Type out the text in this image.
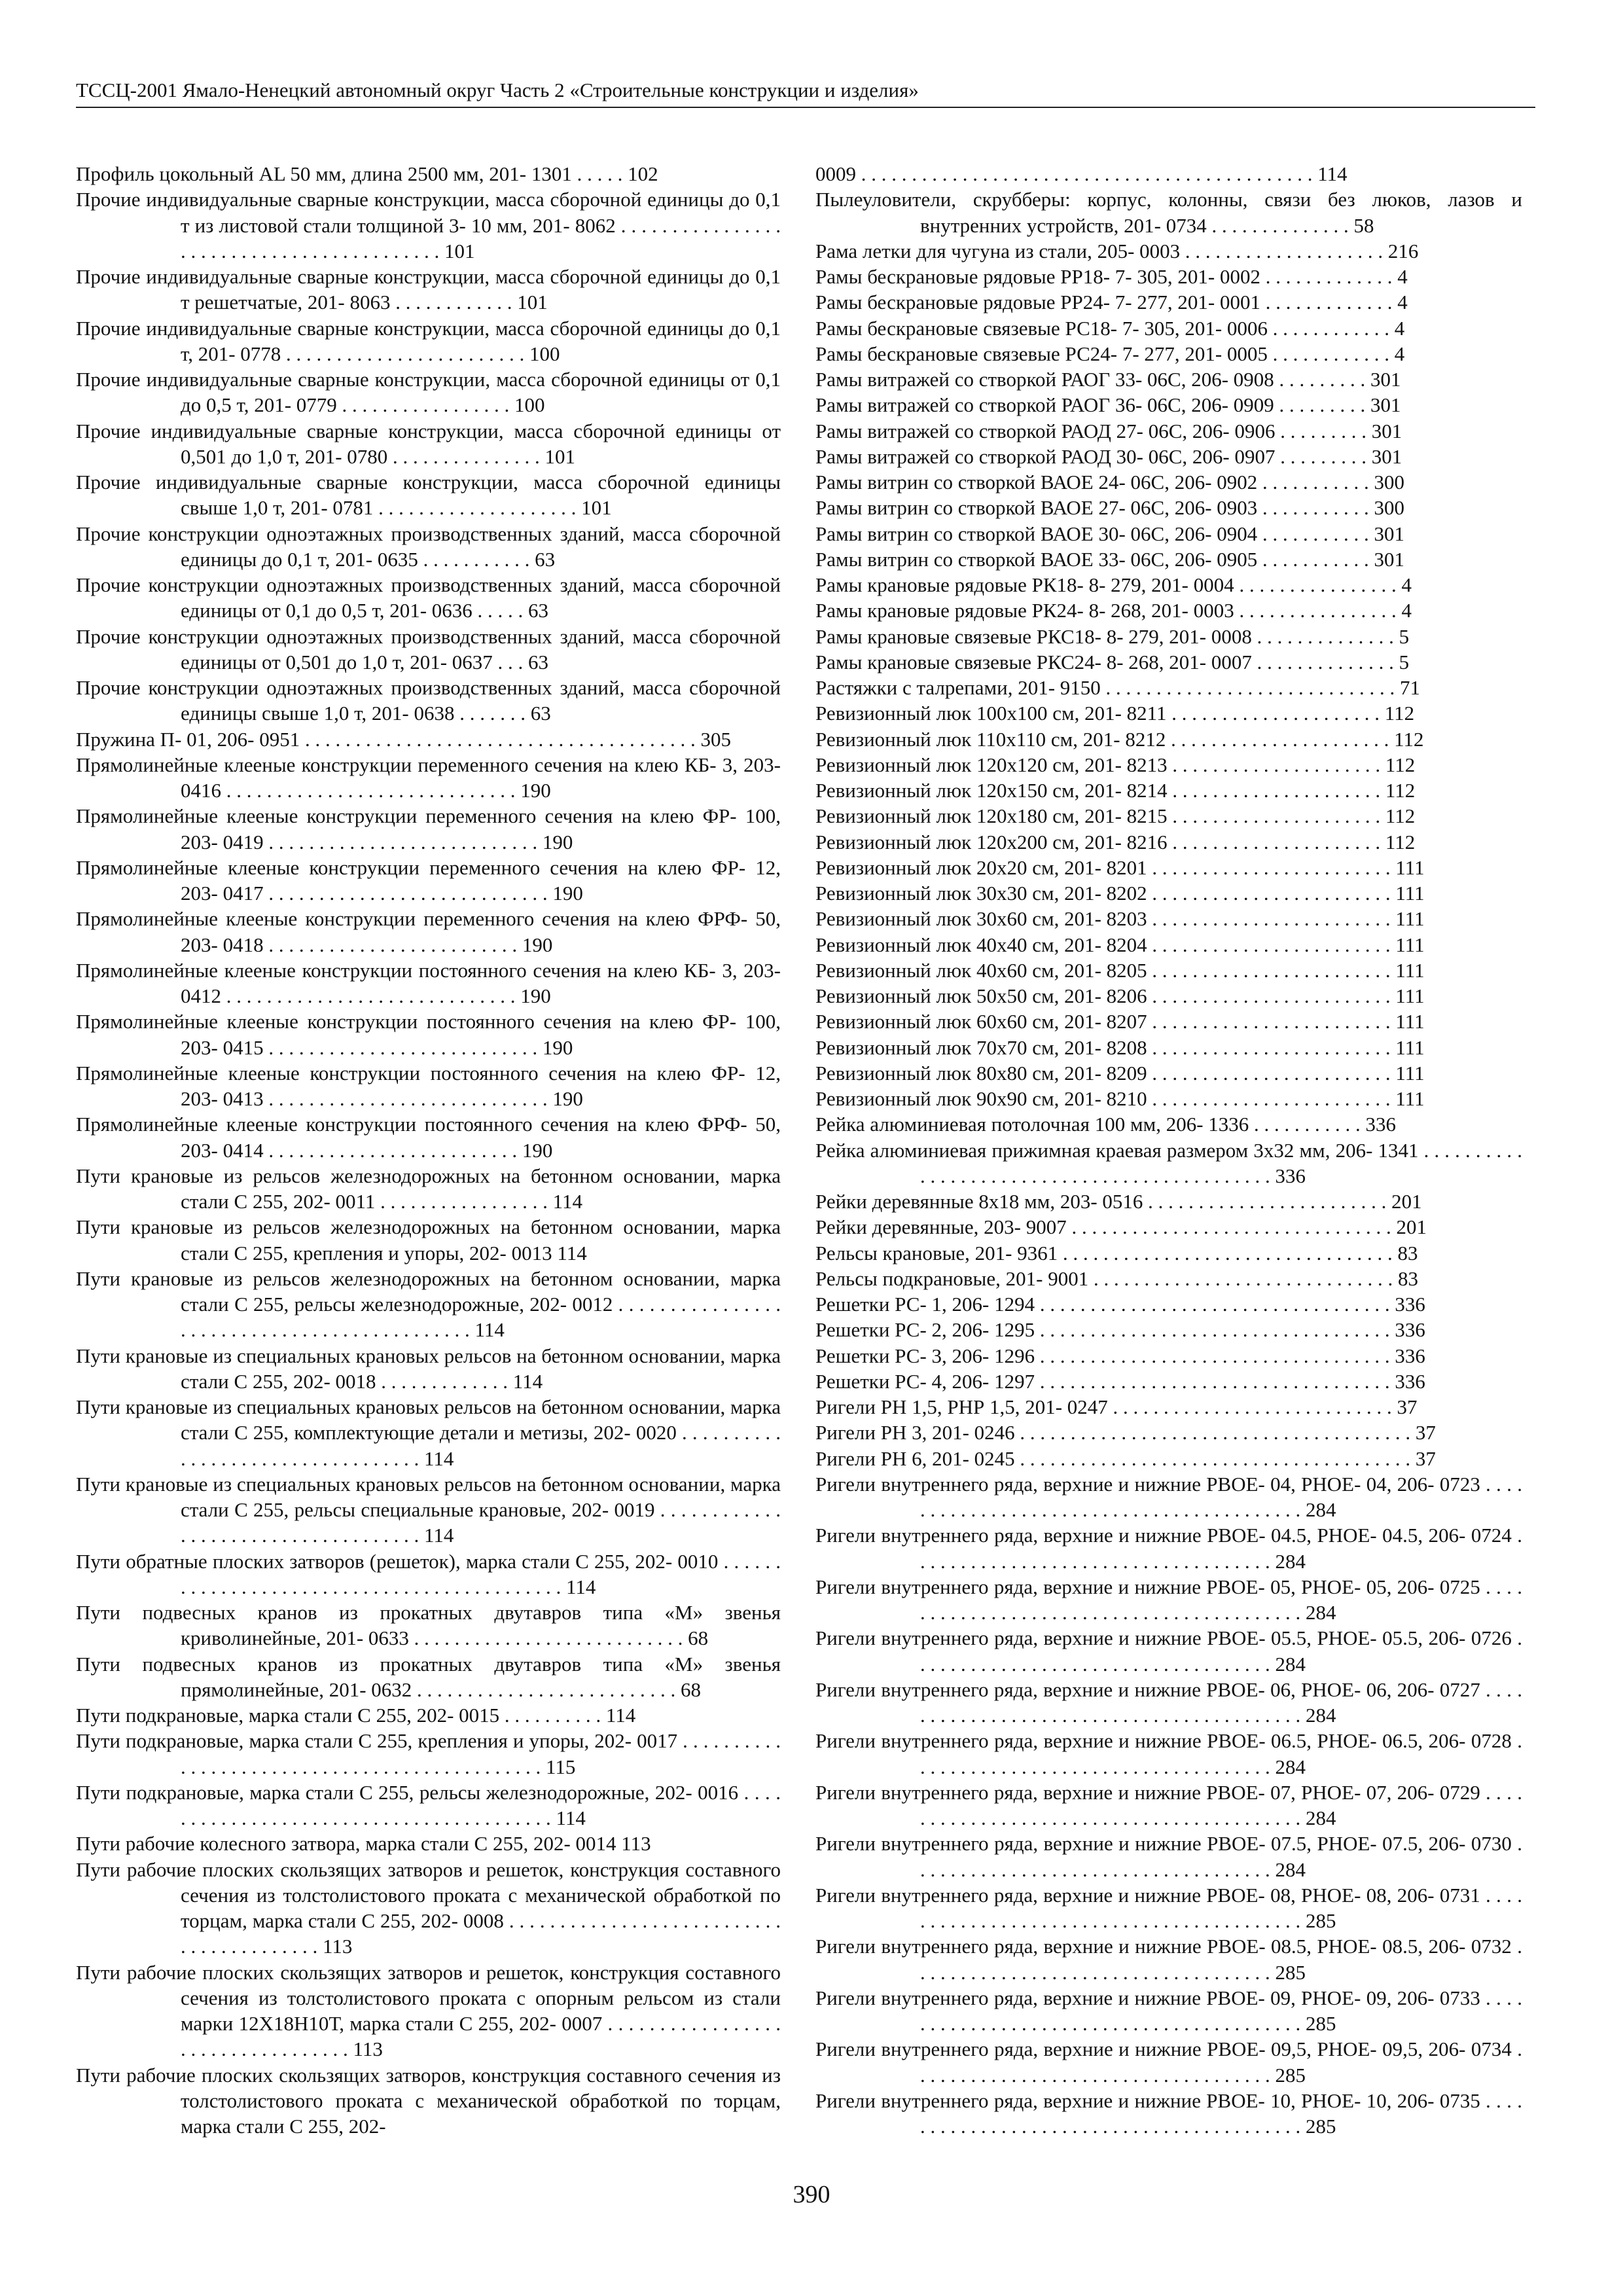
ТССЦ-2001 Ямало-Ненецкий автономный округ Часть 2 «Строительные конструкции и изделия»
Профиль цокольный AL 50 мм, длина 2500 мм, 201- 1301 . . . . . 102
Прочие индивидуальные сварные конструкции, масса сборочной единицы до 0,1 т из листовой стали толщиной 3- 10 мм, 201- 8062 . . . . . . . . . . . . . . . . . . . . . . . . . . . . . . . . . . . . . . . . . . 101
Прочие индивидуальные сварные конструкции, масса сборочной единицы до 0,1 т решетчатые, 201- 8063 . . . . . . . . . . . . 101
Прочие индивидуальные сварные конструкции, масса сборочной единицы до 0,1 т, 201- 0778 . . . . . . . . . . . . . . . . . . . . . . . . 100
Прочие индивидуальные сварные конструкции, масса сборочной единицы от 0,1 до 0,5 т, 201- 0779 . . . . . . . . . . . . . . . . . 100
Прочие индивидуальные сварные конструкции, масса сборочной единицы от 0,501 до 1,0 т, 201- 0780 . . . . . . . . . . . . . . . 101
Прочие индивидуальные сварные конструкции, масса сборочной единицы свыше 1,0 т, 201- 0781 . . . . . . . . . . . . . . . . . . . . 101
Прочие конструкции одноэтажных производственных зданий, масса сборочной единицы до 0,1 т, 201- 0635 . . . . . . . . . . . 63
Прочие конструкции одноэтажных производственных зданий, масса сборочной единицы от 0,1 до 0,5 т, 201- 0636 . . . . . 63
Прочие конструкции одноэтажных производственных зданий, масса сборочной единицы от 0,501 до 1,0 т, 201- 0637 . . . 63
Прочие конструкции одноэтажных производственных зданий, масса сборочной единицы свыше 1,0 т, 201- 0638 . . . . . . . 63
Пружина П- 01, 206- 0951 . . . . . . . . . . . . . . . . . . . . . . . . . . . . . . . . . . . . . . . 305
Прямолинейные клееные конструкции переменного сечения на клею КБ- 3, 203- 0416 . . . . . . . . . . . . . . . . . . . . . . . . . . . . . 190
Прямолинейные клееные конструкции переменного сечения на клею ФР- 100, 203- 0419 . . . . . . . . . . . . . . . . . . . . . . . . . . . 190
Прямолинейные клееные конструкции переменного сечения на клею ФР- 12, 203- 0417 . . . . . . . . . . . . . . . . . . . . . . . . . . . . 190
Прямолинейные клееные конструкции переменного сечения на клею ФРФ- 50, 203- 0418 . . . . . . . . . . . . . . . . . . . . . . . . . 190
Прямолинейные клееные конструкции постоянного сечения на клею КБ- 3, 203- 0412 . . . . . . . . . . . . . . . . . . . . . . . . . . . . . 190
Прямолинейные клееные конструкции постоянного сечения на клею ФР- 100, 203- 0415 . . . . . . . . . . . . . . . . . . . . . . . . . . . 190
Прямолинейные клееные конструкции постоянного сечения на клею ФР- 12, 203- 0413 . . . . . . . . . . . . . . . . . . . . . . . . . . . . 190
Прямолинейные клееные конструкции постоянного сечения на клею ФРФ- 50, 203- 0414 . . . . . . . . . . . . . . . . . . . . . . . . . 190
Пути крановые из рельсов железнодорожных на бетонном основании, марка стали С 255, 202- 0011 . . . . . . . . . . . . . . . . . 114
Пути крановые из рельсов железнодорожных на бетонном основании, марка стали С 255, крепления и упоры, 202- 0013 114
Пути крановые из рельсов железнодорожных на бетонном основании, марка стали С 255, рельсы железнодорожные, 202- 0012 . . . . . . . . . . . . . . . . . . . . . . . . . . . . . . . . . . . . . . . . . . . . . 114
Пути крановые из специальных крановых рельсов на бетонном основании, марка стали С 255, 202- 0018 . . . . . . . . . . . . . 114
Пути крановые из специальных крановых рельсов на бетонном основании, марка стали С 255, комплектующие детали и метизы, 202- 0020 . . . . . . . . . . . . . . . . . . . . . . . . . . . . . . . . . . 114
Пути крановые из специальных крановых рельсов на бетонном основании, марка стали С 255, рельсы специальные крановые, 202- 0019 . . . . . . . . . . . . . . . . . . . . . . . . . . . . . . . . . . . . 114
Пути обратные плоских затворов (решеток), марка стали С 255, 202- 0010 . . . . . . . . . . . . . . . . . . . . . . . . . . . . . . . . . . . . . . . . . . . . 114
Пути подвесных кранов из прокатных двутавров типа «М» звенья криволинейные, 201- 0633 . . . . . . . . . . . . . . . . . . . . . . . . . . . 68
Пути подвесных кранов из прокатных двутавров типа «М» звенья прямолинейные, 201- 0632 . . . . . . . . . . . . . . . . . . . . . . . . . . 68
Пути подкрановые, марка стали С 255, 202- 0015 . . . . . . . . . . 114
Пути подкрановые, марка стали С 255, крепления и упоры, 202- 0017 . . . . . . . . . . . . . . . . . . . . . . . . . . . . . . . . . . . . . . . . . . . . . . 115
Пути подкрановые, марка стали С 255, рельсы железнодорожные, 202- 0016 . . . . . . . . . . . . . . . . . . . . . . . . . . . . . . . . . . . . . . . . . 114
Пути рабочие колесного затвора, марка стали С 255, 202- 0014 113
Пути рабочие плоских скользящих затворов и решеток, конструкция составного сечения из толстолистового проката с механической обработкой по торцам, марка стали С 255, 202- 0008 . . . . . . . . . . . . . . . . . . . . . . . . . . . . . . . . . . . . . . . . . 113
Пути рабочие плоских скользящих затворов и решеток, конструкция составного сечения из толстолистового проката с опорным рельсом из стали марки 12Х18Н10Т, марка стали С 255, 202- 0007 . . . . . . . . . . . . . . . . . . . . . . . . . . . . . . . . . . 113
Пути рабочие плоских скользящих затворов, конструкция составного сечения из толстолистового проката с механической обработкой по торцам, марка стали С 255, 202-
0009 . . . . . . . . . . . . . . . . . . . . . . . . . . . . . . . . . . . . . . . . . . . . . 114
Пылеуловители, скрубберы: корпус, колонны, связи без люков, лазов и внутренних устройств, 201- 0734 . . . . . . . . . . . . . . 58
Рама летки для чугуна из стали, 205- 0003 . . . . . . . . . . . . . . . . . . . . 216
Рамы бескрановые рядовые РР18- 7- 305, 201- 0002 . . . . . . . . . . . . . 4
Рамы бескрановые рядовые РР24- 7- 277, 201- 0001 . . . . . . . . . . . . . 4
Рамы бескрановые связевые РС18- 7- 305, 201- 0006 . . . . . . . . . . . . 4
Рамы бескрановые связевые РС24- 7- 277, 201- 0005 . . . . . . . . . . . . 4
Рамы витражей со створкой РАОГ 33- 06С, 206- 0908 . . . . . . . . . 301
Рамы витражей со створкой РАОГ 36- 06С, 206- 0909 . . . . . . . . . 301
Рамы витражей со створкой РАОД 27- 06С, 206- 0906 . . . . . . . . . 301
Рамы витражей со створкой РАОД 30- 06С, 206- 0907 . . . . . . . . . 301
Рамы витрин со створкой ВАОЕ 24- 06С, 206- 0902 . . . . . . . . . . . 300
Рамы витрин со створкой ВАОЕ 27- 06С, 206- 0903 . . . . . . . . . . . 300
Рамы витрин со створкой ВАОЕ 30- 06С, 206- 0904 . . . . . . . . . . . 301
Рамы витрин со створкой ВАОЕ 33- 06С, 206- 0905 . . . . . . . . . . . 301
Рамы крановые рядовые РК18- 8- 279, 201- 0004 . . . . . . . . . . . . . . . . 4
Рамы крановые рядовые РК24- 8- 268, 201- 0003 . . . . . . . . . . . . . . . . 4
Рамы крановые связевые РКС18- 8- 279, 201- 0008 . . . . . . . . . . . . . . 5
Рамы крановые связевые РКС24- 8- 268, 201- 0007 . . . . . . . . . . . . . . 5
Растяжки с талрепами, 201- 9150 . . . . . . . . . . . . . . . . . . . . . . . . . . . . . 71
Ревизионный люк 100x100 см, 201- 8211 . . . . . . . . . . . . . . . . . . . . . 112
Ревизионный люк 110x110 см, 201- 8212 . . . . . . . . . . . . . . . . . . . . . . 112
Ревизионный люк 120x120 см, 201- 8213 . . . . . . . . . . . . . . . . . . . . . 112
Ревизионный люк 120x150 см, 201- 8214 . . . . . . . . . . . . . . . . . . . . . 112
Ревизионный люк 120x180 см, 201- 8215 . . . . . . . . . . . . . . . . . . . . . 112
Ревизионный люк 120x200 см, 201- 8216 . . . . . . . . . . . . . . . . . . . . . 112
Ревизионный люк 20x20 см, 201- 8201 . . . . . . . . . . . . . . . . . . . . . . . . 111
Ревизионный люк 30x30 см, 201- 8202 . . . . . . . . . . . . . . . . . . . . . . . . 111
Ревизионный люк 30x60 см, 201- 8203 . . . . . . . . . . . . . . . . . . . . . . . . 111
Ревизионный люк 40x40 см, 201- 8204 . . . . . . . . . . . . . . . . . . . . . . . . 111
Ревизионный люк 40x60 см, 201- 8205 . . . . . . . . . . . . . . . . . . . . . . . . 111
Ревизионный люк 50x50 см, 201- 8206 . . . . . . . . . . . . . . . . . . . . . . . . 111
Ревизионный люк 60x60 см, 201- 8207 . . . . . . . . . . . . . . . . . . . . . . . . 111
Ревизионный люк 70x70 см, 201- 8208 . . . . . . . . . . . . . . . . . . . . . . . . 111
Ревизионный люк 80x80 см, 201- 8209 . . . . . . . . . . . . . . . . . . . . . . . . 111
Ревизионный люк 90x90 см, 201- 8210 . . . . . . . . . . . . . . . . . . . . . . . . 111
Рейка алюминиевая потолочная 100 мм, 206- 1336 . . . . . . . . . . . 336
Рейка алюминиевая прижимная краевая размером 3х32 мм, 206- 1341 . . . . . . . . . . . . . . . . . . . . . . . . . . . . . . . . . . . . . . . . . . . . . 336
Рейки деревянные 8х18 мм, 203- 0516 . . . . . . . . . . . . . . . . . . . . . . . . 201
Рейки деревянные, 203- 9007 . . . . . . . . . . . . . . . . . . . . . . . . . . . . . . . . 201
Рельсы крановые, 201- 9361 . . . . . . . . . . . . . . . . . . . . . . . . . . . . . . . . . 83
Рельсы подкрановые, 201- 9001 . . . . . . . . . . . . . . . . . . . . . . . . . . . . . . 83
Решетки РС- 1, 206- 1294 . . . . . . . . . . . . . . . . . . . . . . . . . . . . . . . . . . . 336
Решетки РС- 2, 206- 1295 . . . . . . . . . . . . . . . . . . . . . . . . . . . . . . . . . . . 336
Решетки РС- 3, 206- 1296 . . . . . . . . . . . . . . . . . . . . . . . . . . . . . . . . . . . 336
Решетки РС- 4, 206- 1297 . . . . . . . . . . . . . . . . . . . . . . . . . . . . . . . . . . . 336
Ригели РН 1,5, РНР 1,5, 201- 0247 . . . . . . . . . . . . . . . . . . . . . . . . . . . . 37
Ригели РН 3, 201- 0246 . . . . . . . . . . . . . . . . . . . . . . . . . . . . . . . . . . . . . . . 37
Ригели РН 6, 201- 0245 . . . . . . . . . . . . . . . . . . . . . . . . . . . . . . . . . . . . . . . 37
Ригели внутреннего ряда, верхние и нижние РВОЕ- 04, РНОЕ- 04, 206- 0723 . . . . . . . . . . . . . . . . . . . . . . . . . . . . . . . . . . . . . . . . . . 284
Ригели внутреннего ряда, верхние и нижние РВОЕ- 04.5, РНОЕ- 04.5, 206- 0724 . . . . . . . . . . . . . . . . . . . . . . . . . . . . . . . . . . . . 284
Ригели внутреннего ряда, верхние и нижние РВОЕ- 05, РНОЕ- 05, 206- 0725 . . . . . . . . . . . . . . . . . . . . . . . . . . . . . . . . . . . . . . . . . . 284
Ригели внутреннего ряда, верхние и нижние РВОЕ- 05.5, РНОЕ- 05.5, 206- 0726 . . . . . . . . . . . . . . . . . . . . . . . . . . . . . . . . . . . . 284
Ригели внутреннего ряда, верхние и нижние РВОЕ- 06, РНОЕ- 06, 206- 0727 . . . . . . . . . . . . . . . . . . . . . . . . . . . . . . . . . . . . . . . . . . 284
Ригели внутреннего ряда, верхние и нижние РВОЕ- 06.5, РНОЕ- 06.5, 206- 0728 . . . . . . . . . . . . . . . . . . . . . . . . . . . . . . . . . . . . 284
Ригели внутреннего ряда, верхние и нижние РВОЕ- 07, РНОЕ- 07, 206- 0729 . . . . . . . . . . . . . . . . . . . . . . . . . . . . . . . . . . . . . . . . . . 284
Ригели внутреннего ряда, верхние и нижние РВОЕ- 07.5, РНОЕ- 07.5, 206- 0730 . . . . . . . . . . . . . . . . . . . . . . . . . . . . . . . . . . . . 284
Ригели внутреннего ряда, верхние и нижние РВОЕ- 08, РНОЕ- 08, 206- 0731 . . . . . . . . . . . . . . . . . . . . . . . . . . . . . . . . . . . . . . . . . . 285
Ригели внутреннего ряда, верхние и нижние РВОЕ- 08.5, РНОЕ- 08.5, 206- 0732 . . . . . . . . . . . . . . . . . . . . . . . . . . . . . . . . . . . . 285
Ригели внутреннего ряда, верхние и нижние РВОЕ- 09, РНОЕ- 09, 206- 0733 . . . . . . . . . . . . . . . . . . . . . . . . . . . . . . . . . . . . . . . . . . 285
Ригели внутреннего ряда, верхние и нижние РВОЕ- 09,5, РНОЕ- 09,5, 206- 0734 . . . . . . . . . . . . . . . . . . . . . . . . . . . . . . . . . . . . 285
Ригели внутреннего ряда, верхние и нижние РВОЕ- 10, РНОЕ- 10, 206- 0735 . . . . . . . . . . . . . . . . . . . . . . . . . . . . . . . . . . . . . . . . . . 285
390
